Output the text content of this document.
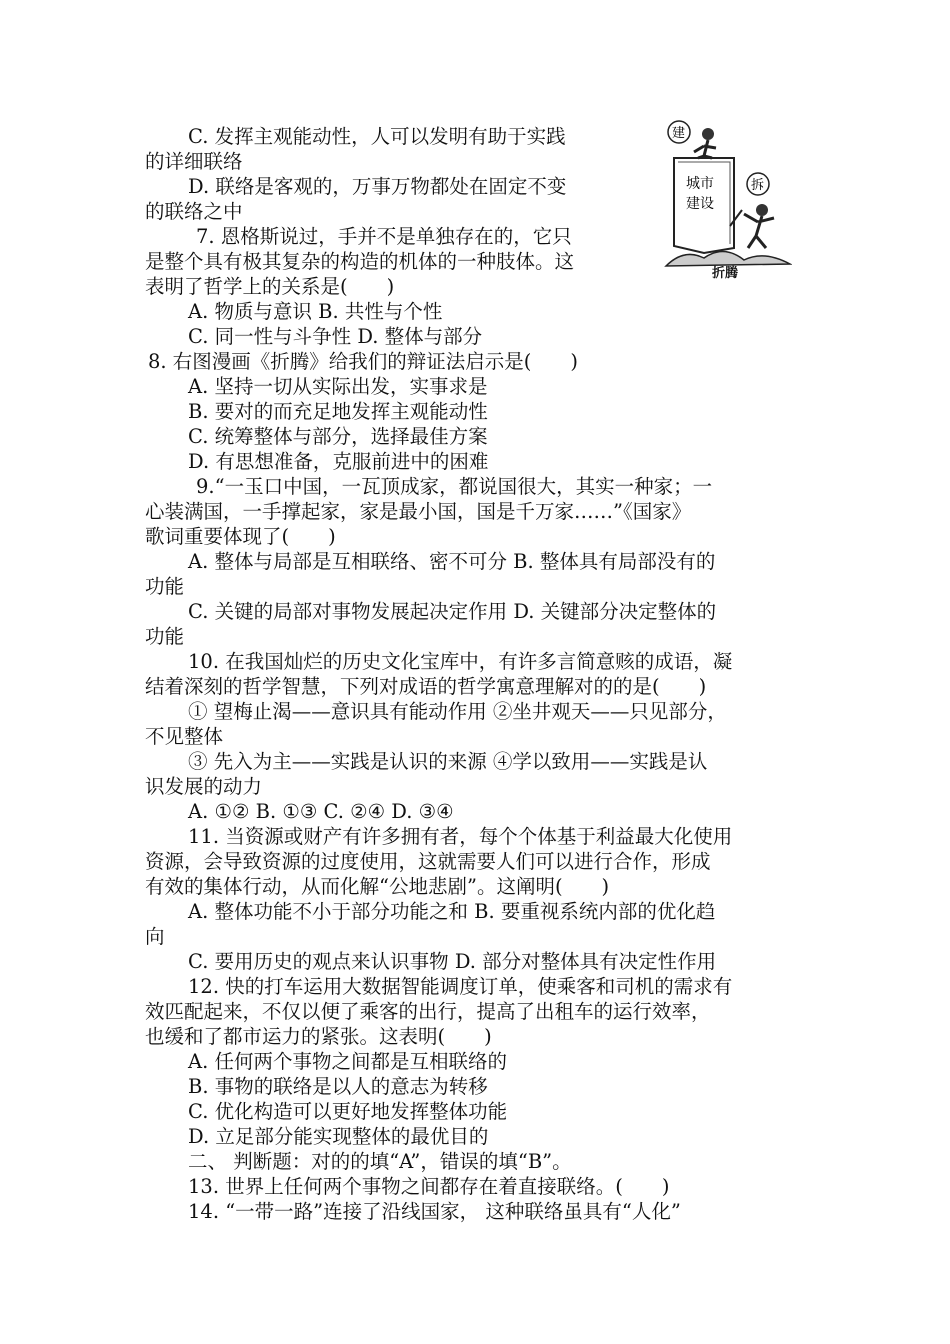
C. 发挥主观能动性，人可以发明有助于实践
的详细联络
D. 联络是客观的，万事万物都处在固定不变
的联络之中
7. 恩格斯说过，手并不是单独存在的，它只
是整个具有极其复杂的构造的机体的一种肢体。这
表明了哲学上的关系是(　　)
A. 物质与意识 B. 共性与个性
C. 同一性与斗争性 D. 整体与部分
8. 右图漫画《折腾》给我们的辩证法启示是(　　)
A. 坚持一切从实际出发，实事求是
B. 要对的而充足地发挥主观能动性
C. 统筹整体与部分，选择最佳方案
D. 有思想准备，克服前进中的困难
9.“一玉口中国，一瓦顶成家，都说国很大，其实一种家；一
心装满国，一手撑起家，家是最小国，国是千万家……”《国家》
歌词重要体现了(　　)
A. 整体与局部是互相联络、密不可分 B. 整体具有局部没有的
功能
C. 关键的局部对事物发展起决定作用 D. 关键部分决定整体的
功能
10. 在我国灿烂的历史文化宝库中，有许多言简意赅的成语，凝
结着深刻的哲学智慧，下列对成语的哲学寓意理解对的的是(　　)
① 望梅止渴——意识具有能动作用 ②坐井观天——只见部分，
不见整体
③ 先入为主——实践是认识的来源 ④学以致用——实践是认
识发展的动力
A. ①② B. ①③ C. ②④ D. ③④
11. 当资源或财产有许多拥有者，每个个体基于利益最大化使用
资源，会导致资源的过度使用，这就需要人们可以进行合作，形成
有效的集体行动，从而化解“公地悲剧”。这阐明(　　)
A. 整体功能不小于部分功能之和 B. 要重视系统内部的优化趋
向
C. 要用历史的观点来认识事物 D. 部分对整体具有决定性作用
12. 快的打车运用大数据智能调度订单，使乘客和司机的需求有
效匹配起来，不仅以便了乘客的出行，提高了出租车的运行效率，
也缓和了都市运力的紧张。这表明(　　)
A. 任何两个事物之间都是互相联络的
B. 事物的联络是以人的意志为转移
C. 优化构造可以更好地发挥整体功能
D. 立足部分能实现整体的最优目的
二、 判断题：对的的填“A”，错误的填“B”。
13. 世界上任何两个事物之间都存在着直接联络。(　　)
14. “一带一路”连接了沿线国家， 这种联络虽具有“人化”
城市
建设
建
拆
折腾
